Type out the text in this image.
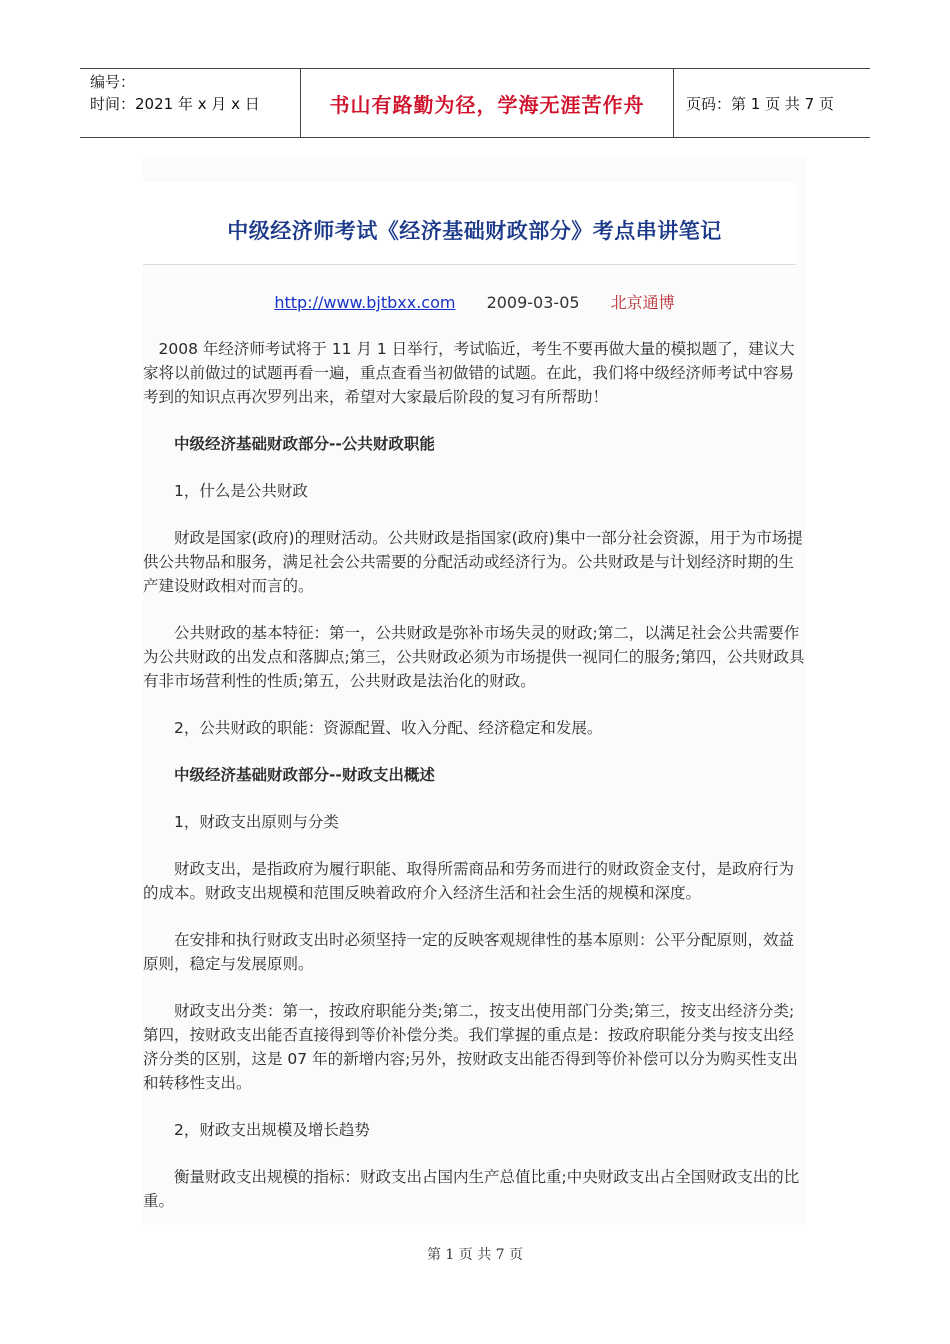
编号：
时间：2021 年 x 月 x 日	书山有路勤为径，学海无涯苦作舟	页码：第 1 页 共 7 页
中级经济师考试《经济基础财政部分》考点串讲笔记
http://www.bjtbxx.com 2009-03-05 北京通博

2008 年经济师考试将于 11 月 1 日举行，考试临近，考生不要再做大量的模拟题了，建议大家将以前做过的试题再看一遍，重点查看当初做错的试题。在此，我们将中级经济师考试中容易考到的知识点再次罗列出来，希望对大家最后阶段的复习有所帮助！

中级经济基础财政部分--公共财政职能

1，什么是公共财政

财政是国家(政府)的理财活动。公共财政是指国家(政府)集中一部分社会资源，用于为市场提供公共物品和服务，满足社会公共需要的分配活动或经济行为。公共财政是与计划经济时期的生产建设财政相对而言的。

公共财政的基本特征：第一，公共财政是弥补市场失灵的财政;第二，以满足社会公共需要作为公共财政的出发点和落脚点;第三，公共财政必须为市场提供一视同仁的服务;第四，公共财政具有非市场营利性的性质;第五，公共财政是法治化的财政。

2，公共财政的职能：资源配置、收入分配、经济稳定和发展。

中级经济基础财政部分--财政支出概述

1，财政支出原则与分类

财政支出，是指政府为履行职能、取得所需商品和劳务而进行的财政资金支付，是政府行为的成本。财政支出规模和范围反映着政府介入经济生活和社会生活的规模和深度。

在安排和执行财政支出时必须坚持一定的反映客观规律性的基本原则：公平分配原则，效益原则，稳定与发展原则。

财政支出分类：第一，按政府职能分类;第二，按支出使用部门分类;第三，按支出经济分类;第四，按财政支出能否直接得到等价补偿分类。我们掌握的重点是：按政府职能分类与按支出经济分类的区别，这是 07 年的新增内容;另外，按财政支出能否得到等价补偿可以分为购买性支出和转移性支出。

2，财政支出规模及增长趋势

衡量财政支出规模的指标：财政支出占国内生产总值比重;中央财政支出占全国财政支出的比重。

第 1 页 共 7 页
